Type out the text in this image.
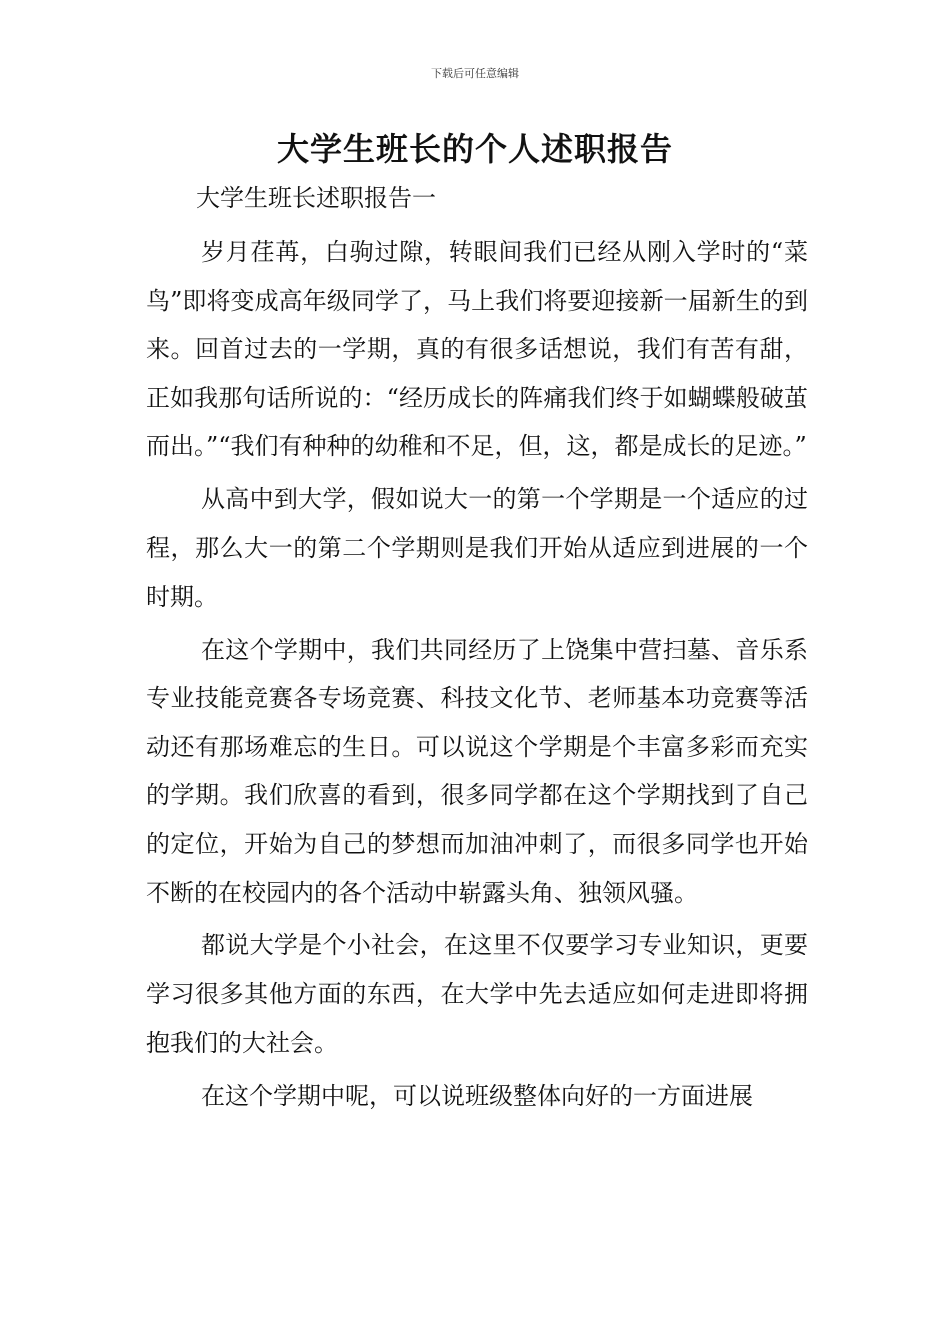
下载后可任意编辑
大学生班长的个人述职报告
大学生班长述职报告一

岁月荏苒，白驹过隙，转眼间我们已经从刚入学时的“菜鸟”即将变成高年级同学了，马上我们将要迎接新一届新生的到来。回首过去的一学期，真的有很多话想说，我们有苦有甜，正如我那句话所说的：“经历成长的阵痛我们终于如蝴蝶般破茧而出。”“我们有种种的幼稚和不足，但，这，都是成长的足迹。”

从高中到大学，假如说大一的第一个学期是一个适应的过程，那么大一的第二个学期则是我们开始从适应到进展的一个时期。

在这个学期中，我们共同经历了上饶集中营扫墓、音乐系专业技能竞赛各专场竞赛、科技文化节、老师基本功竞赛等活动还有那场难忘的生日。可以说这个学期是个丰富多彩而充实的学期。我们欣喜的看到，很多同学都在这个学期找到了自己的定位，开始为自己的梦想而加油冲刺了，而很多同学也开始不断的在校园内的各个活动中崭露头角、独领风骚。

都说大学是个小社会，在这里不仅要学习专业知识，更要学习很多其他方面的东西，在大学中先去适应如何走进即将拥抱我们的大社会。

在这个学期中呢，可以说班级整体向好的一方面进展
